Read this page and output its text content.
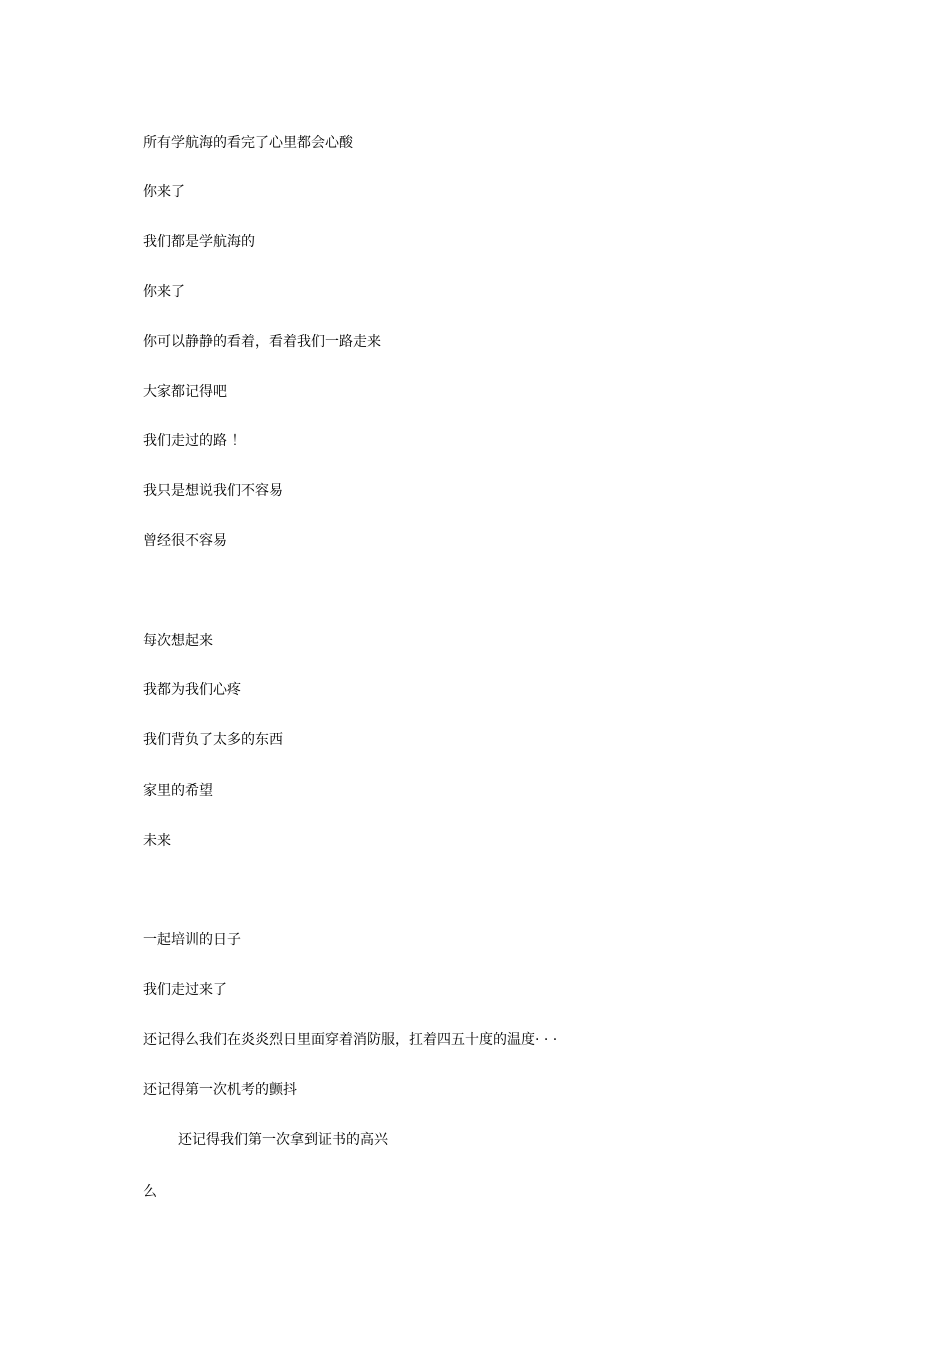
所有学航海的看完了心里都会心酸
你来了
我们都是学航海的
你来了
你可以静静的看着，看着我们一路走来
大家都记得吧
我们走过的路 ！
我只是想说我们不容易
曾经很不容易
每次想起来
我都为我们心疼
我们背负了太多的东西
家里的希望
未来
一起培训的日子
我们走过来了
还记得么我们在炎炎烈日里面穿着消防服，扛着四五十度的温度· · ·
还记得第一次机考的颤抖
还记得我们第一次拿到证书的高兴
么
